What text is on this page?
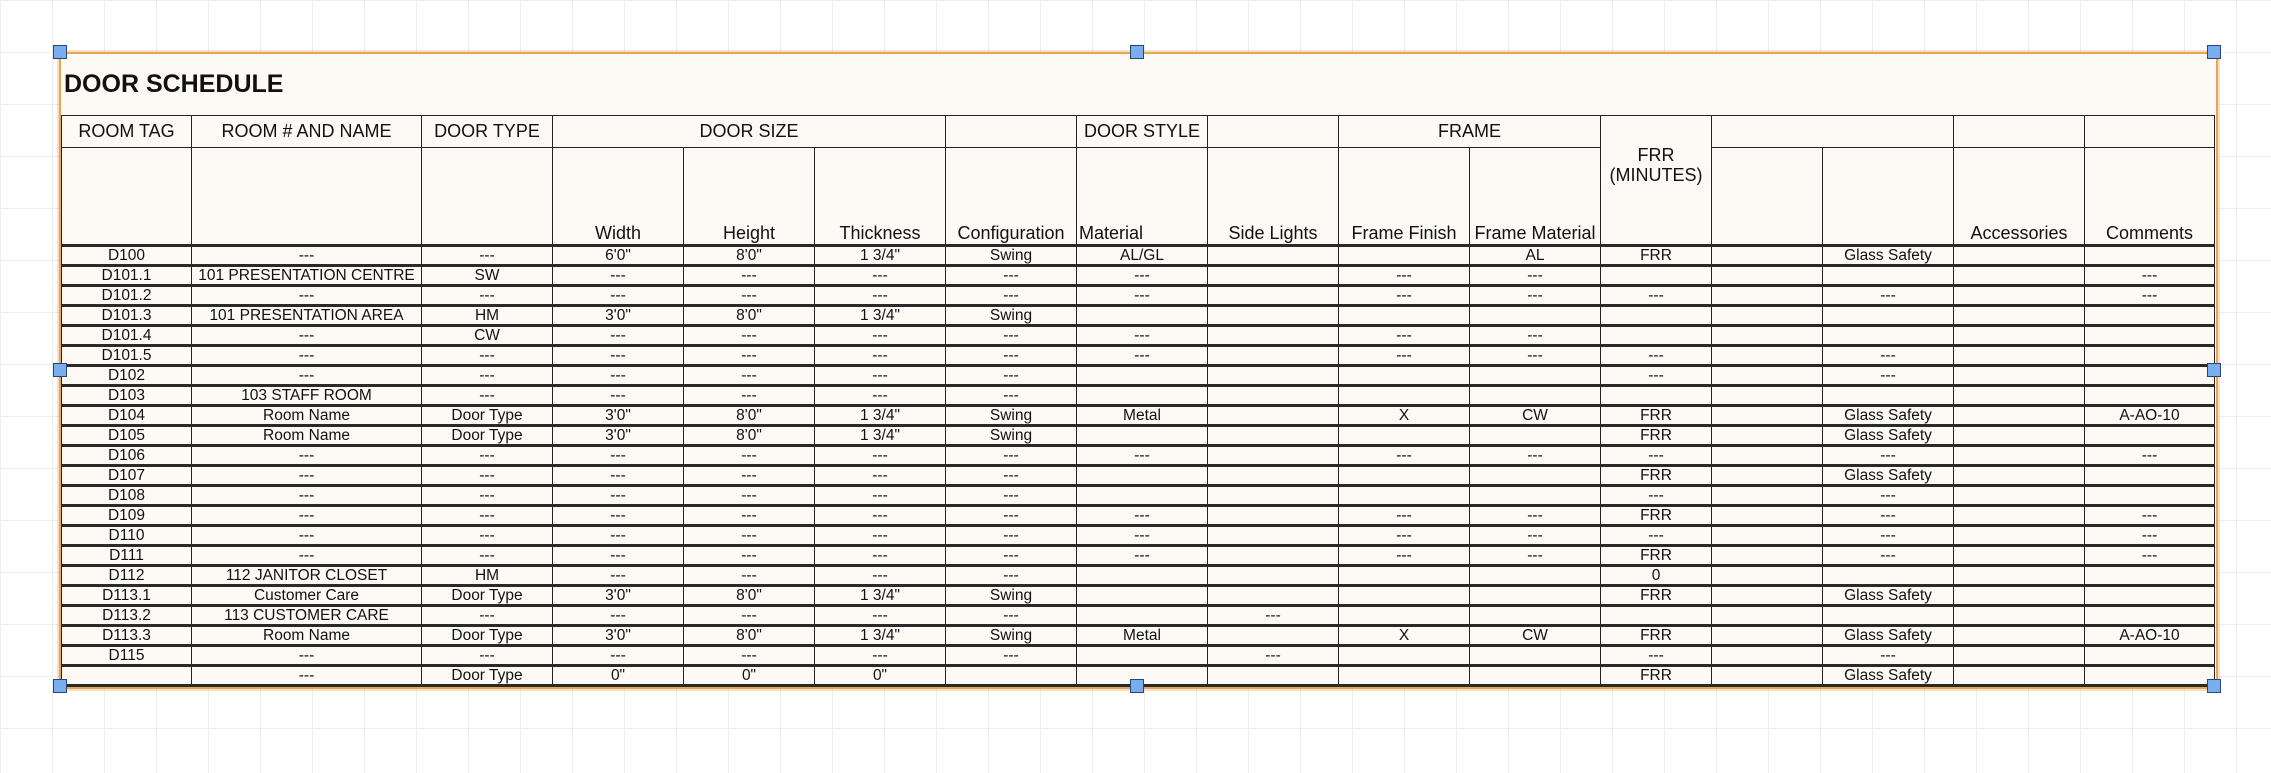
DOOR SCHEDULE
ROOM TAG	ROOM # AND NAME	DOOR TYPE	DOOR SIZE				DOOR STYLE		FRAME		FRR (MINUTES)				
			Width	Height	Thickness	Configuration	Material	Side Lights	Frame Finish	Frame Material				Accessories	Comments
D100	---	---	6'0"	8'0"	1 3/4"	Swing	AL/GL			AL	FRR		Glass Safety		
D101.1	101 PRESENTATION CENTRE	SW	---	---	---	---	---		---	---					---
D101.2	---	---	---	---	---	---	---		---	---	---		---		---
D101.3	101 PRESENTATION AREA	HM	3'0"	8'0"	1 3/4"	Swing									
D101.4	---	CW	---	---	---	---	---		---	---					
D101.5	---	---	---	---	---	---	---		---	---	---		---		
D102	---	---	---	---	---	---					---		---		
D103	103 STAFF ROOM	---	---	---	---	---									
D104	Room Name	Door Type	3'0"	8'0"	1 3/4"	Swing	Metal		X	CW	FRR		Glass Safety		A-AO-10
D105	Room Name	Door Type	3'0"	8'0"	1 3/4"	Swing					FRR		Glass Safety		
D106	---	---	---	---	---	---	---		---	---	---		---		---
D107	---	---	---	---	---	---					FRR		Glass Safety		
D108	---	---	---	---	---	---					---		---		
D109	---	---	---	---	---	---	---		---	---	FRR		---		---
D110	---	---	---	---	---	---	---		---	---	---		---		---
D111	---	---	---	---	---	---	---		---	---	FRR		---		---
D112	112 JANITOR CLOSET	HM	---	---	---	---					0				
D113.1	Customer Care	Door Type	3'0"	8'0"	1 3/4"	Swing					FRR		Glass Safety		
D113.2	113 CUSTOMER CARE	---	---	---	---	---		---							
D113.3	Room Name	Door Type	3'0"	8'0"	1 3/4"	Swing	Metal		X	CW	FRR		Glass Safety		A-AO-10
D115	---	---	---	---	---	---		---			---		---		
	---	Door Type	0"	0"	0"						FRR		Glass Safety		
